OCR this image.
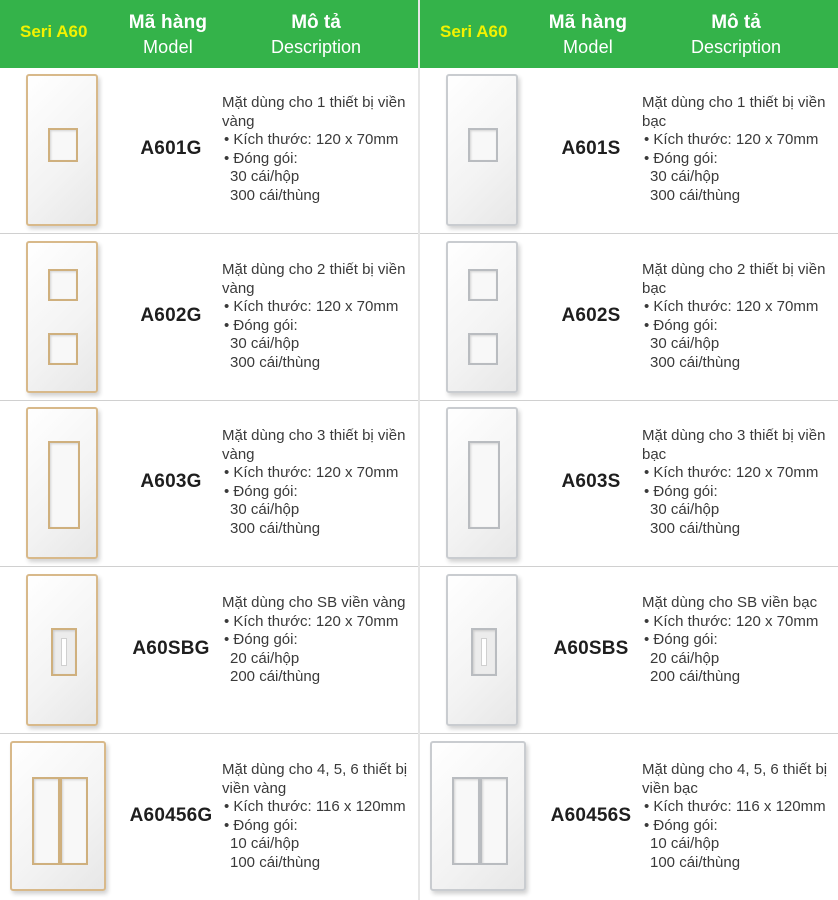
Seri A60	Mã hàng
Model
Mô tả
Description
A601G
Mặt dùng cho 1 thiết bị viền vàng
• Kích thước: 120 x 70mm
• Đóng gói:
30 cái/hộp
300 cái/thùng
A602G
Mặt dùng cho 2 thiết bị viền vàng
• Kích thước: 120 x 70mm
• Đóng gói:
30 cái/hộp
300 cái/thùng
A603G
Mặt dùng cho 3 thiết bị viền vàng
• Kích thước: 120 x 70mm
• Đóng gói:
30 cái/hộp
300 cái/thùng
A60SBG
Mặt dùng cho SB viền vàng
• Kích thước: 120 x 70mm
• Đóng gói:
20 cái/hộp
200 cái/thùng
A60456G
Mặt dùng cho 4, 5, 6 thiết bị viền vàng
• Kích thước: 116 x 120mm
• Đóng gói:
10 cái/hộp
100 cái/thùng
Seri A60	Mã hàng
Model
Mô tả
Description
A601S
Mặt dùng cho 1 thiết bị viền bạc
• Kích thước: 120 x 70mm
• Đóng gói:
30 cái/hộp
300 cái/thùng
A602S
Mặt dùng cho 2 thiết bị viền bạc
• Kích thước: 120 x 70mm
• Đóng gói:
30 cái/hộp
300 cái/thùng
A603S
Mặt dùng cho 3 thiết bị viền bạc
• Kích thước: 120 x 70mm
• Đóng gói:
30 cái/hộp
300 cái/thùng
A60SBS
Mặt dùng cho SB viền bạc
• Kích thước: 120 x 70mm
• Đóng gói:
20 cái/hộp
200 cái/thùng
A60456S
Mặt dùng cho 4, 5, 6 thiết bị viền bạc
• Kích thước: 116 x 120mm
• Đóng gói:
10 cái/hộp
100 cái/thùng
